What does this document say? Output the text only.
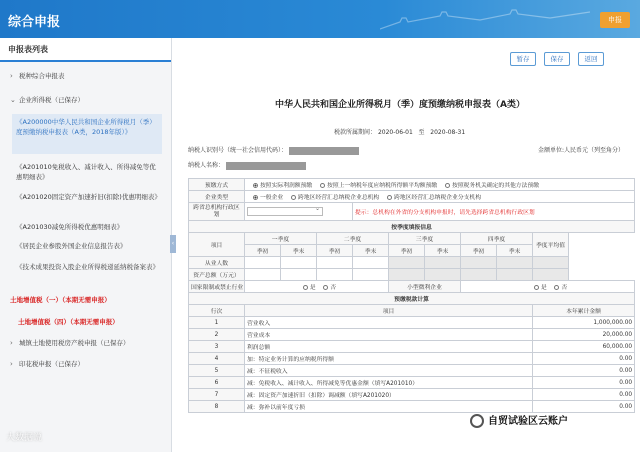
综合申报	申报
申报表列表
› 税种综合申报表
⌄ 企业所得税（已保存）
《A200000中华人民共和国企业所得税月（季）度预缴纳税申报表（A类，2018年版）》
《A201010免税收入、减计收入、所得减免等优惠明细表》
《A201020固定资产加速折旧(扣除)优惠明细表》
《A201030减免所得税优惠明细表》
《居民企业参股外国企业信息报告表》
《技术成果投资入股企业所得税递延纳税备案表》
土地增值税（一）（本期无需申报）
土地增值税（四）（本期无需申报）
› 城镇土地使用税房产税申报（已保存）
› 印花税申报（已保存）
‹
暂存	保存	返回
中华人民共和国企业所得税月（季）度预缴纳税申报表（A类）
税款所属期间： 2020-06-01 至 2020-08-31
纳税人识别号（统一社会信用代码）：	金额单位:人民币元（列至角分）
纳税人名称：
预缴方式	按照实际利润额预缴 按照上一纳税年度应纳税所得额平均额预缴 按照税务机关确定的其他方法预缴								
企业类型	一般企业 跨地区经营汇总纳税企业总机构 跨地区经营汇总纳税企业分支机构								
跨省总机构行政区划	⌄			提示：总机构在外省的分支机构申报时，请先选择跨省总机构行政区划					
按季度填报信息									
项目	一季度		二季度		三季度		四季度		季度平均值
	季初	季末	季初	季末	季初	季末	季初	季末	
从业人数									
资产总额（万元）									
国家限制或禁止行业	是 否				小型微利企业		是 否		
预缴税款计算									
行次	项目								本年累计金额
1	营业收入								1,000,000.00
2	营业成本								20,000.00
3	利润总额								60,000.00
4	加：特定业务计算的应纳税所得额								0.00
5	减：不征税收入								0.00
6	减：免税收入、减计收入、所得减免等优惠金额（填写A201010）								0.00
7	减：固定资产加速折旧（扣除）调减额（填写A201020）								0.00
8	减：弥补以前年度亏损								0.00
大数据说
自贸试验区云账户
